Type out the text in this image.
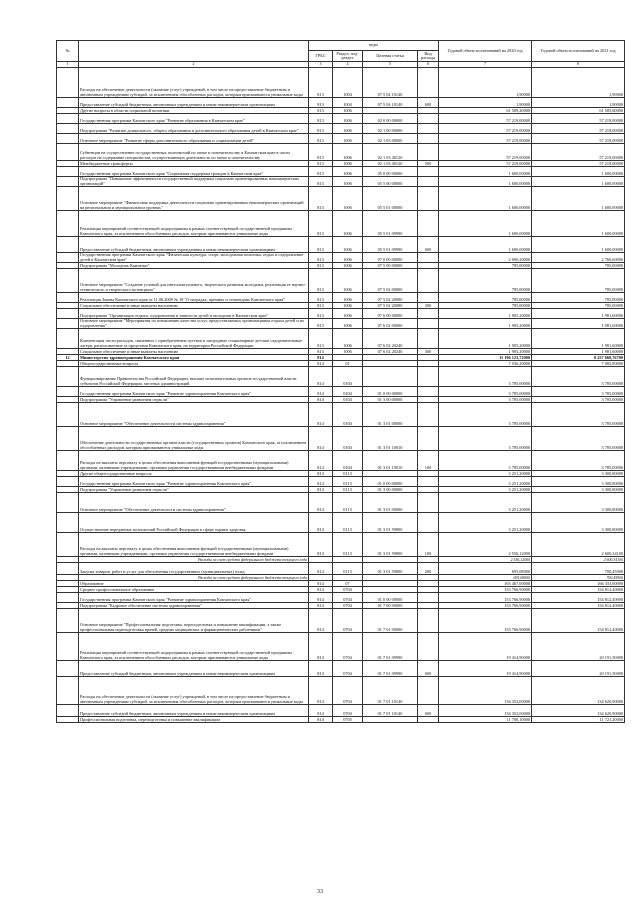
№		коды				Годовой объем ассигнований на 2020 год	Годовой объем ассигнований на 2021 год
		ГРБС	Раздел, под-раздел	Целевая статья	Вид расхода		
1	2	3	4	5	6	7	8
	Расходы на обеспечение деятельности (оказание услуг) учреждений, в том числе на предоставление бюджетным и автономным учреждениям субсидий, за исключением обособленных расходов, которым присваиваются уникальные коды	813	1004	07 5 04 10140		1,90000	1,90000
	Предоставление субсидий бюджетным, автономным учреждениям и иным некоммерческим организациям	813	1004	07 5 04 10140	600	1,90000	1,90000
	Другие вопросы в области социальной политики	813	1006			61 509,20000	61 585,60000
	Государственная программа Камчатского края "Развитие образования в Камчатском крае"	813	1006	02 0 00 00000		57 219,00000	57 219,00000
	Подпрограмма "Развитие дошкольного, общего образования и дополнительного образования детей в Камчатском крае"	813	1006	02 1 00 00000		57 219,00000	57 219,00000
	Основное мероприятие "Развитие сферы дополнительного образования и социализации детей"	813	1006	02 1 03 00000		57 219,00000	57 219,00000
	Субвенции на осуществление государственных полномочий по опеке и попечительству в Камчатском крае в части расходов на содержание специалистов, осуществляющих деятельность по опеке и попечительству	813	1006	02 1 03 40120		57 219,00000	57 219,00000
	Межбюджетные трансферты	813	1006	02 1 03 40120	500	57 219,00000	57 219,00000
	Государственная программа Камчатского края "Социальная поддержка граждан в Камчатском крае"	813	1006	05 0 00 00000		1 600,00000	1 600,00000
	Подпрограмма "Повышение эффективности государственной поддержки социально ориентированных некоммерческих организаций"	813	1006	05 5 00 00000		1 600,00000	1 600,00000
	Основное мероприятие "Финансовая поддержка деятельности социально ориентированных некоммерческих организаций на региональном и муниципальном уровнях"	813	1006	05 5 01 00000		1 600,00000	1 600,00000
	Реализация мероприятий соответствующей подпрограммы в рамках соответствующей государственной программы Камчатского края, за исключением обособленных расходов, которым присваиваются уникальные коды	813	1006	05 5 01 09990		1 600,00000	1 600,00000
	Предоставление субсидий бюджетным, автономным учреждениям и иным некоммерческим организациям	813	1006	05 5 01 09990	600	1 600,00000	1 600,00000
	Государственная программа Камчатского края "Физическая культура, спорт, молодежная политика, отдых и оздоровление детей в Камчатском крае"	813	1006	07 0 00 00000		2 690,20000	2 766,60000
	Подпрограмма "Молодежь Камчатки"	813	1006	07 5 00 00000		785,00000	785,00000
	Основное мероприятие "Создание условий для интеллектуального, творческого развития молодежи, реализация ее научно-технического и творческого потенциала"	813	1006	07 5 02 00000		785,00000	785,00000
	Реализация Закона Камчатского края от 11.06.2008 № 18 "О наградах, премиях и стипендиях Камчатского края"	813	1006	07 5 02 20080		785,00000	785,00000
	Социальное обеспечение и иные выплаты населению	813	1006	07 5 02 20080	300	785,00000	785,00000
	Подпрограмма "Организация отдыха, оздоровления и занятости детей и молодежи в Камчатском крае"	813	1006	07 6 00 00000		1 905,20000	1 981,60000
	Основное мероприятие "Мероприятия по повышению качества услуг, предоставляемых организациями отдыха детей и их оздоровления"	813	1006	07 6 02 00000		1 905,20000	1 981,60000
	Компенсация части расходов, связанных с приобретением путевок в загородные стационарные детские оздоровительные лагеря, расположенные за пределами Камчатского края, на территории Российской Федерации	813	1006	07 6 02 20240		1 905,20000	1 981,60000
	Социальное обеспечение и иные выплаты населению	813	1006	07 6 02 20240	300	1 905,20000	1 981,60000
12	Министерство здравоохранения Камчатского края	814				11 196 123,72000	8 257 668,76700
	Общегосударственные вопросы	814	01			7 036,20000	7 085,80000
	Функционирование Правительства Российской Федерации, высших исполнительных органов государственной власти субъектов Российской Федерации, местных администраций	814	0104			3 785,00000	3 785,00000
	Государственная программа Камчатского края "Развитие здравоохранения Камчатского края"	814	0104	01 0 00 00000		3 785,00000	3 785,00000
	Подпрограмма "Управление развитием отрасли"	814	0104	01 3 00 00000		3 785,00000	3 785,00000
	Основное мероприятие "Обеспечение деятельности системы здравоохранения"	814	0104	01 3 01 00000		3 785,00000	3 785,00000
	Обеспечение деятельности государственных органов власти (государственных органов) Камчатского края, за исключением обособленных расходов, которым присваиваются уникальные коды	814	0104	01 3 01 10010		3 785,00000	3 785,00000
	Расходы на выплаты персоналу в целях обеспечения выполнения функций государственными (муниципальными) органами, казенными учреждениями, органами управления государственными внебюджетными фондами	814	0104	01 3 01 10010	100	3 785,00000	3 785,00000
	Другие общегосударственные вопросы	814	0113			3 251,20000	3 300,80000
	Государственная программа Камчатского края "Развитие здравоохранения Камчатского края"	814	0113	01 0 00 00000		3 251,20000	3 300,80000
	Подпрограмма "Управление развитием отрасли"	814	0113	01 3 00 00000		3 251,20000	3 300,80000
	Основное мероприятие "Обеспечение деятельности системы здравоохранения"	814	0113	01 3 01 00000		3 251,20000	3 300,80000
	Осуществление переданных полномочий Российской Федерации в сфере охраны здоровья	814	0113	01 3 01 59800		3 251,20000	3 300,80000
	Расходы на выплаты персоналу в целях обеспечения выполнения функций государственными (муниципальными) органами, казенными учреждениями, органами управления государственными внебюджетными фондами	814	0113	01 3 01 59800	100	2 556,12000	2 600,34100
	Расходы за счет средств федерального бюджета текущего года					2 556,12000	2 600,34100
	Закупка товаров, работ и услуг для обеспечения государственных (муниципальных) нужд	814	0113	01 3 01 59800	200	695,08000	700,45900
	Расходы за счет средств федерального бюджета текущего года					695,08000	700,45900
	Образование	814	07			165 467,00000	166 333,60000
	Среднее профессиональное образование	814	0704			153 766,90000	154 812,40000
	Государственная программа Камчатского края "Развитие здравоохранения Камчатского края"	814	0704	01 0 00 00000		153 766,90000	154 812,40000
	Подпрограмма "Кадровое обеспечение системы здравоохранения"	814	0704	01 7 00 00000		153 766,90000	154 812,40000
	Основное мероприятие "Профессиональная подготовка, переподготовка и повышение квалификации, а также профессиональная переподготовка врачей, средних медицинских и фармацевтических работников"	814	0704	01 7 01 00000		153 766,90000	154 812,40000
	Реализация мероприятий соответствующей подпрограммы в рамках соответствующей государственной программы Камчатского края, за исключением обособленных расходов, которым присваиваются уникальные коды	814	0704	01 7 01 09990		19 414,90000	20 191,50000
	Предоставление субсидий бюджетным, автономным учреждениям и иным некоммерческим организациям	814	0704	01 7 01 09990	600	19 414,90000	20 191,50000
	Расходы на обеспечение деятельности (оказание услуг) учреждений, в том числе на предоставление бюджетным и автономным учреждениям субсидий, за исключением обособленных расходов, которым присваиваются уникальные коды	814	0704	01 7 01 10140		134 352,00000	134 620,90000
	Предоставление субсидий бюджетным, автономным учреждениям и иным некоммерческим организациям	814	0704	01 7 01 10140	600	134 352,00000	134 620,90000
	Профессиональная подготовка, переподготовка и повышение квалификации	814	0705			11 700,10000	11 721,20000
33
